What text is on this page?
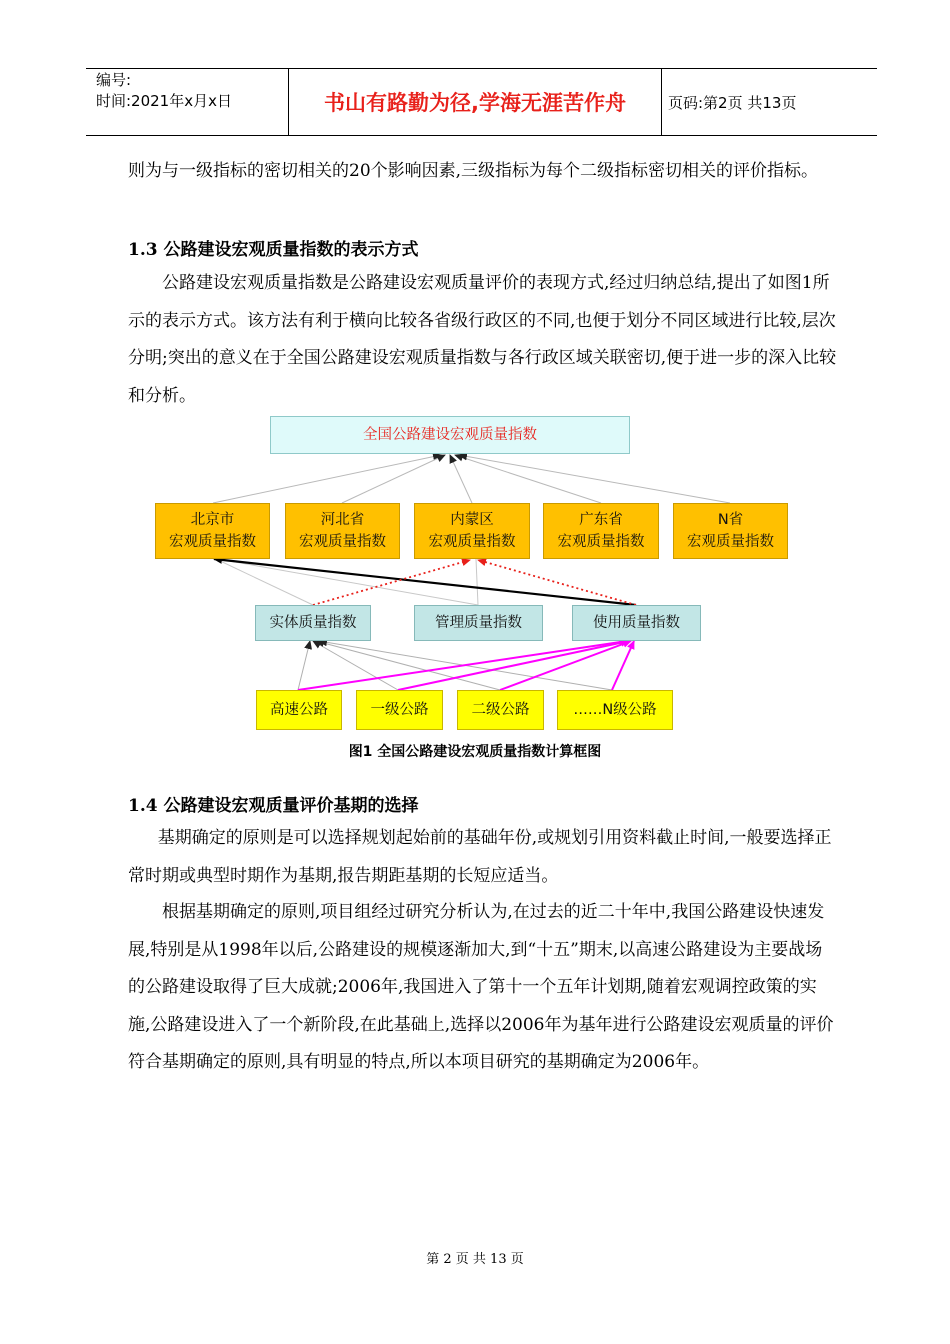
编号:
时间:2021年x月x日	书山有路勤为径,学海无涯苦作舟	页码:第2页 共13页
则为与一级指标的密切相关的20个影响因素,三级指标为每个二级指标密切相关的评价指标。
1.3 公路建设宏观质量指数的表示方式
公路建设宏观质量指数是公路建设宏观质量评价的表现方式,经过归纳总结,提出了如图1所示的表示方式。该方法有利于横向比较各省级行政区的不同,也便于划分不同区域进行比较,层次分明;突出的意义在于全国公路建设宏观质量指数与各行政区域关联密切,便于进一步的深入比较和分析。
全国公路建设宏观质量指数
北京市
宏观质量指数
河北省
宏观质量指数
内蒙区
宏观质量指数
广东省
宏观质量指数
N省
宏观质量指数
实体质量指数	管理质量指数	使用质量指数
高速公路	一级公路	二级公路	……N级公路
图1 全国公路建设宏观质量指数计算框图
1.4 公路建设宏观质量评价基期的选择
基期确定的原则是可以选择规划起始前的基础年份,或规划引用资料截止时间,一般要选择正常时期或典型时期作为基期,报告期距基期的长短应适当。
根据基期确定的原则,项目组经过研究分析认为,在过去的近二十年中,我国公路建设快速发展,特别是从1998年以后,公路建设的规模逐渐加大,到“十五”期末,以高速公路建设为主要战场的公路建设取得了巨大成就;2006年,我国进入了第十一个五年计划期,随着宏观调控政策的实施,公路建设进入了一个新阶段,在此基础上,选择以2006年为基年进行公路建设宏观质量的评价符合基期确定的原则,具有明显的特点,所以本项目研究的基期确定为2006年。
第 2 页 共 13 页
